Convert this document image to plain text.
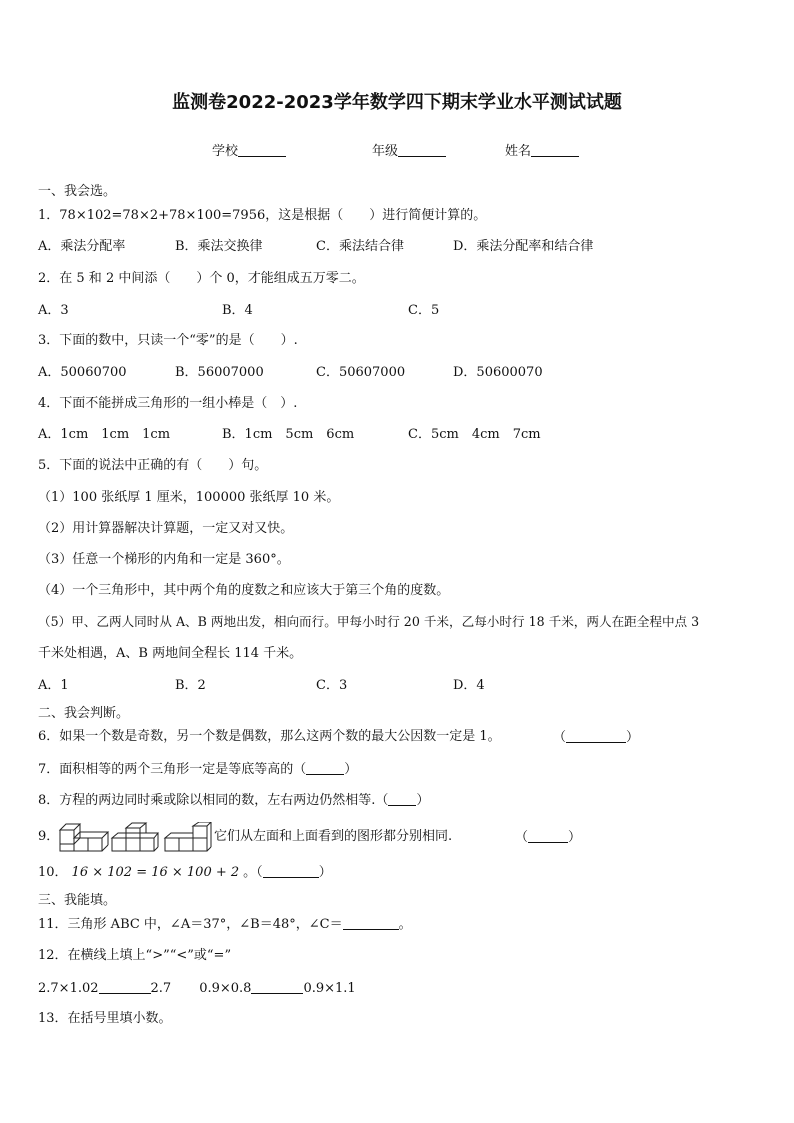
监测卷2022-2023学年数学四下期末学业水平测试试题
学校	年级	姓名
一、我会选。
1．78×102=78×2+78×100=7956，这是根据（　　）进行简便计算的。
A．乘法分配率	B．乘法交换律	C．乘法结合律	D．乘法分配率和结合律
2．在 5 和 2 中间添（　　）个 0，才能组成五万零二。
A．3	B．4	C．5
3．下面的数中，只读一个“零”的是（　　）.
A．50060700	B．56007000	C．50607000	D．50600070
4．下面不能拼成三角形的一组小棒是（　）.
A．1cm　1cm　1cm	B．1cm　5cm　6cm	C．5cm　4cm　7cm
5．下面的说法中正确的有（　　）句。
（1）100 张纸厚 1 厘米，100000 张纸厚 10 米。
（2）用计算器解决计算题，一定又对又快。
（3）任意一个梯形的内角和一定是 360°。
（4）一个三角形中，其中两个角的度数之和应该大于第三个角的度数。
（5）甲、乙两人同时从 A、B 两地出发，相向而行。甲每小时行 20 千米，乙每小时行 18 千米，两人在距全程中点 3
千米处相遇，A、B 两地间全程长 114 千米。
A．1	B．2	C．3	D．4
二、我会判断。
6．如果一个数是奇数，另一个数是偶数，那么这两个数的最大公因数一定是 1。	（	）
7．面积相等的两个三角形一定是等底等高的（	）
8．方程的两边同时乘或除以相同的数，左右两边仍然相等.（ ）
9．	它们从左面和上面看到的图形都分别相同.	（	）
10． 16 × 102 = 16 × 100 + 2 。（	）
三、我能填。
11．三角形 ABC 中，∠A＝37°，∠B＝48°，∠C＝	。
12．在横线上填上“>”“<”或“=”
2.7×1.02	2.7 0.9×0.8	0.9×1.1
13．在括号里填小数。
